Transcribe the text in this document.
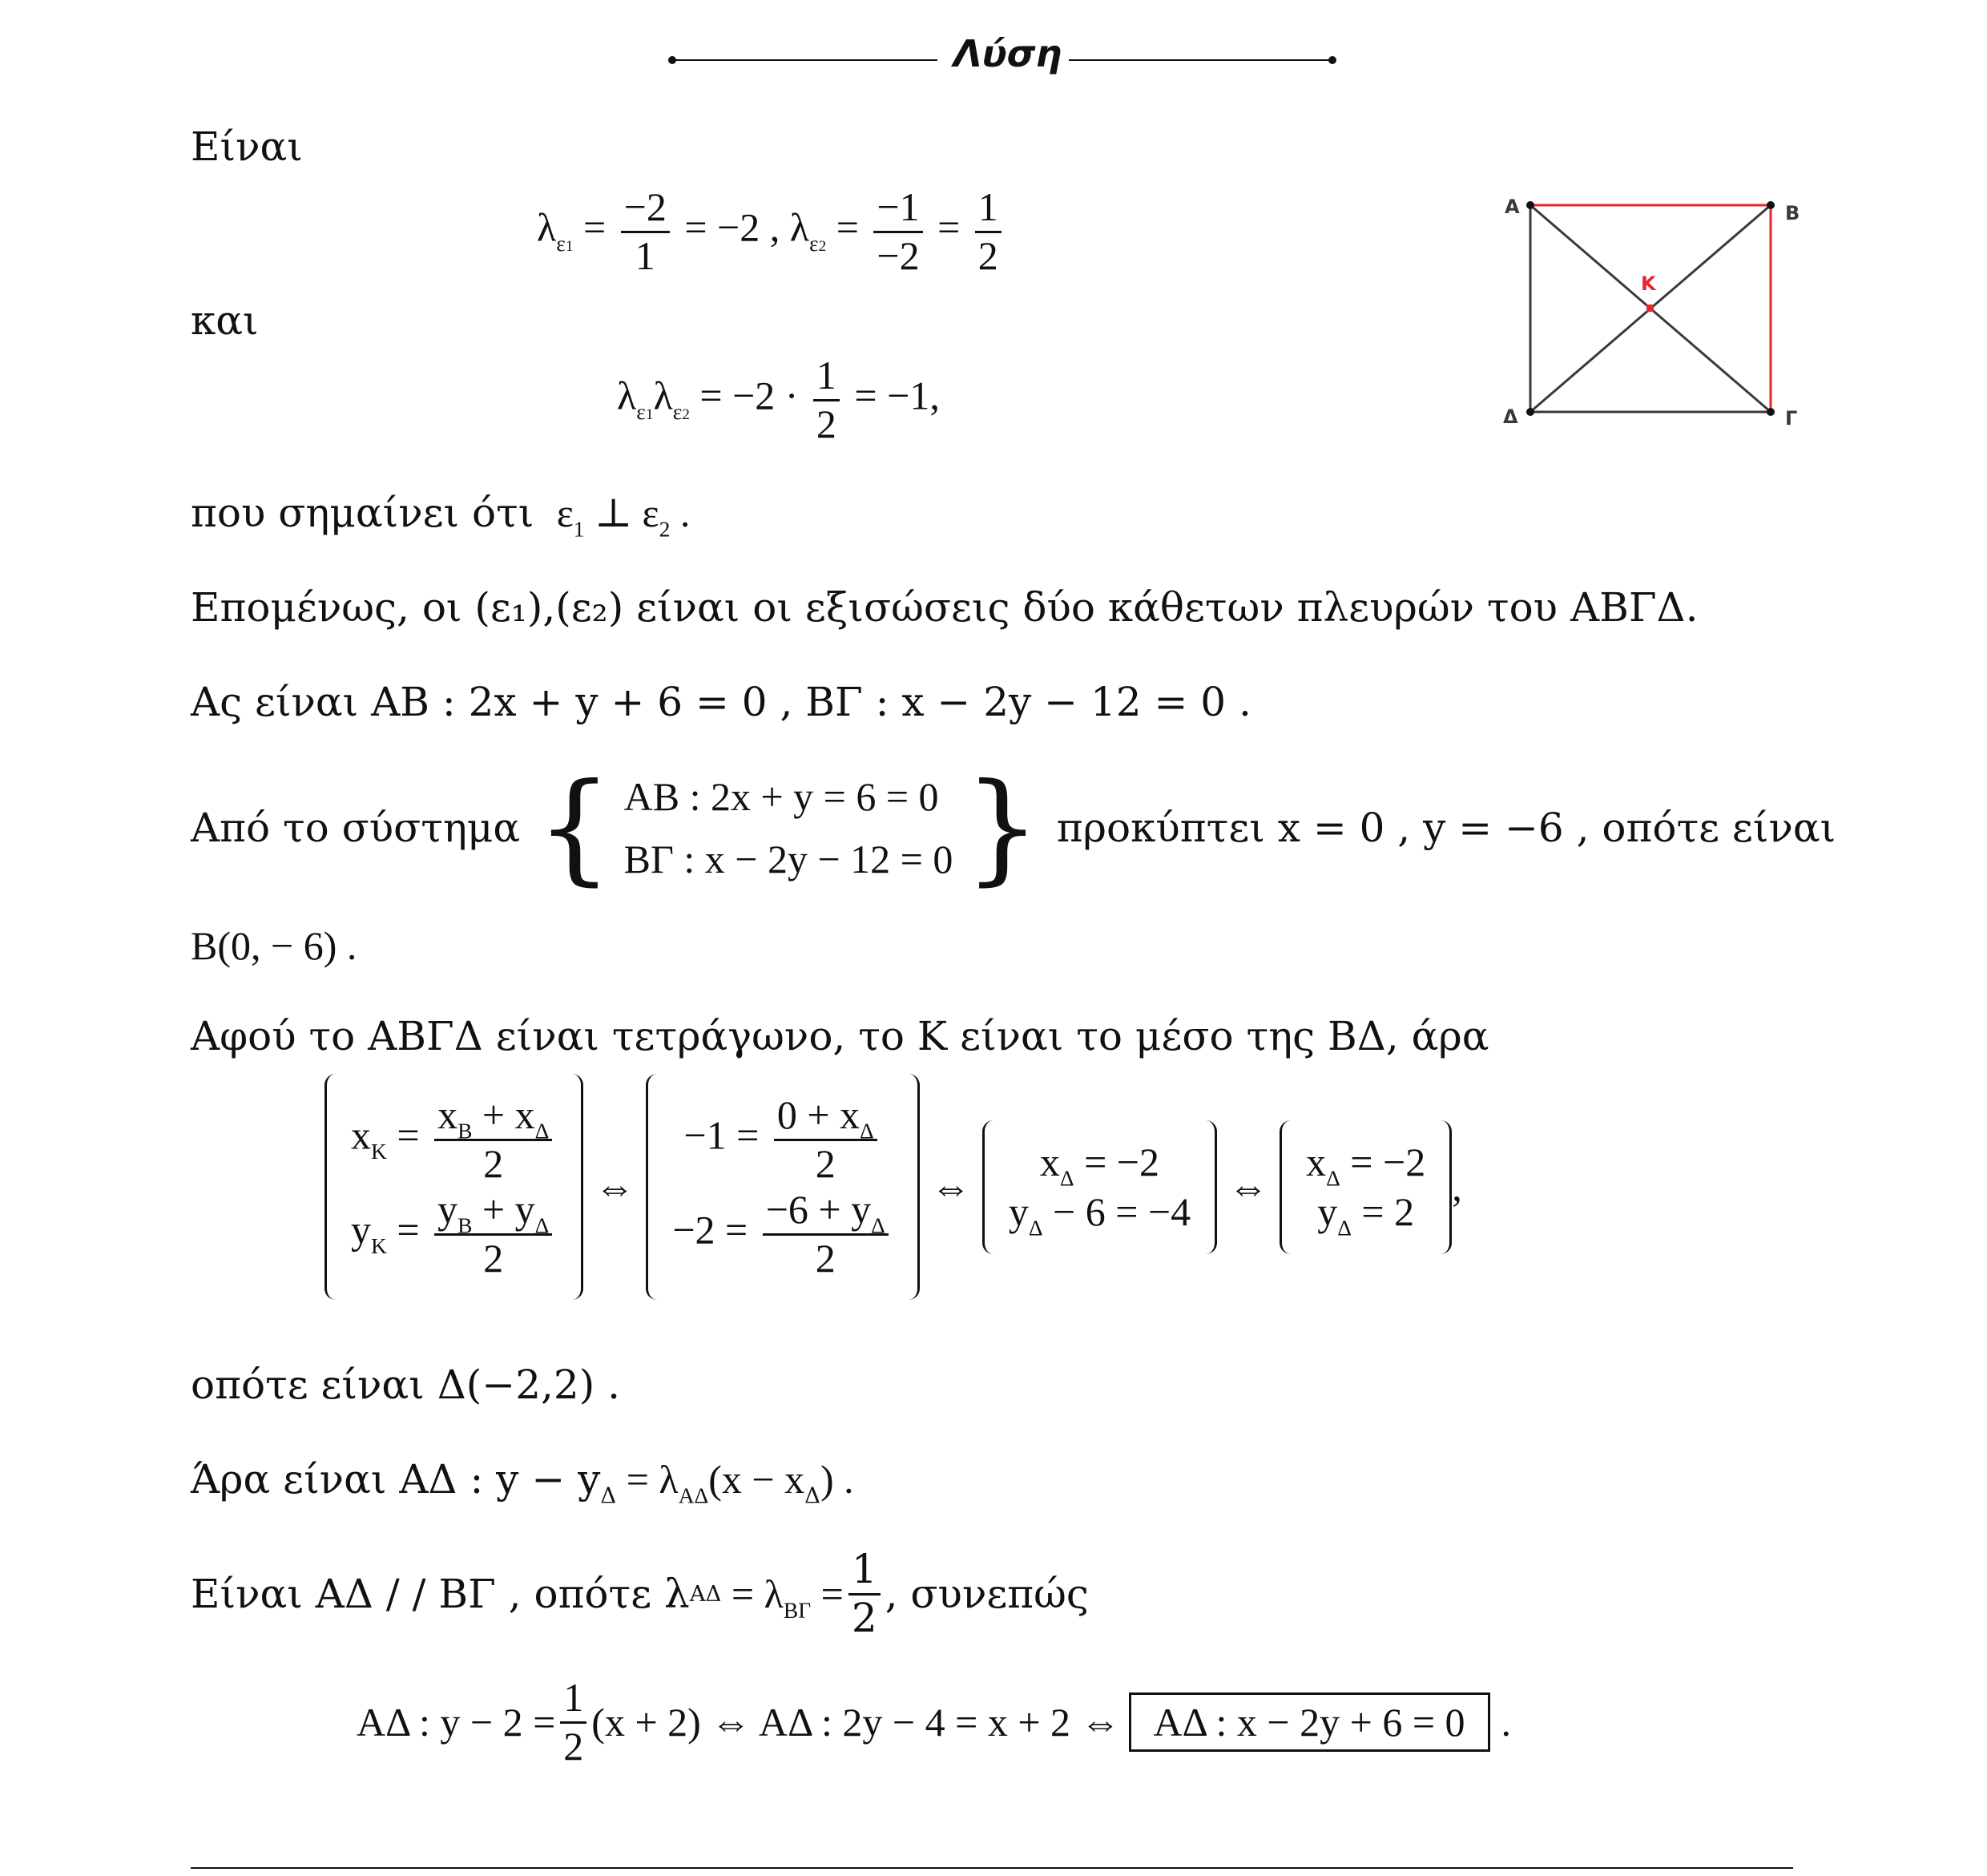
Λύση
Είναι
$\lambda_{\varepsilon 1} = \frac{-2}{1} = -2$ , $\lambda_{\varepsilon 2} = \frac{-1}{-2} = \frac{1}{2}$
και
$\lambda_{\varepsilon 1}\lambda_{\varepsilon 2} = -2 \cdot \frac{1}{2} = -1$,
που σημαίνει ότι  $\varepsilon_1$ ⊥ $\varepsilon_2$ .
Επομένως, οι (ε₁),(ε₂) είναι οι εξισώσεις δύο κάθετων πλευρών του ΑΒΓΔ.
Ας είναι AB : 2x + y + 6 = 0 , ΒΓ : x − 2y − 12 = 0 .
Από το σύστημα { AB : 2x + y = 6 = 0
ΒΓ : x − 2y − 12 = 0 } προκύπτει x = 0 , y = −6 , οπότε είναι
B(0, − 6) .
Αφού το ΑΒΓΔ είναι τετράγωνο, το Κ είναι το μέσο της ΒΔ, άρα
$x_K = \frac{x_B + x_\Delta}{2}$
$y_K = \frac{y_B + y_\Delta}{2}$ ⇔
$-1 = \frac{0 + x_\Delta}{2}$
$-2 = \frac{-6 + y_\Delta}{2}$ ⇔
$x_\Delta = -2$
$y_\Delta - 6 = -4$
⇔
$x_\Delta = -2$
$y_\Delta = 2$
,
οπότε είναι Δ(−2,2) .
Άρα είναι AΔ : $y - y_\Delta = \lambda_{A\Delta}(x - x_\Delta)$ .
Είναι AΔ / / ΒΓ , οπότε λ $A\Delta = \lambda_{B\Gamma} = \frac{1}{2}$ , συνεπώς
AΔ : $y - 2 = \frac{1}{2} (x + 2)$ ⇔ AΔ : 2y − 4 = x + 2 ⇔ AΔ : x − 2y + 6 = 0 .
Α	Β
Γ
Δ
Κ
